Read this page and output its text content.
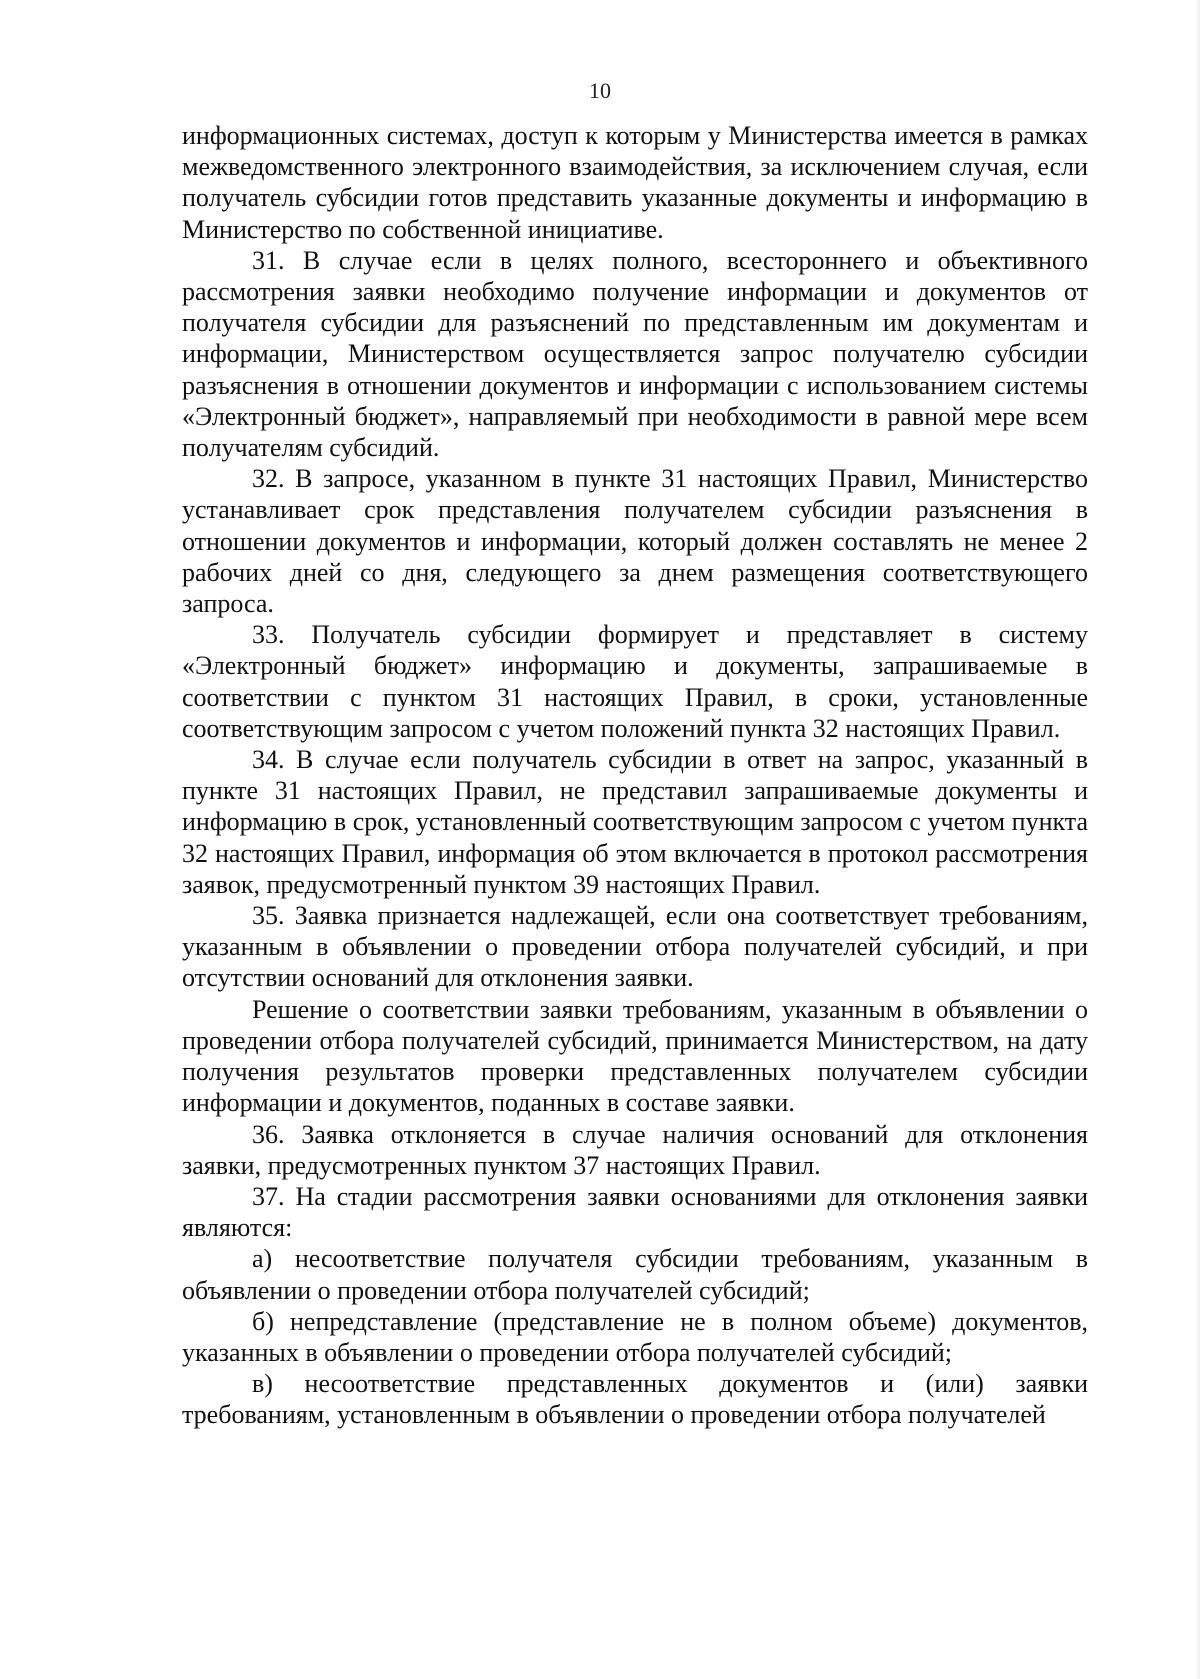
10

информационных системах, доступ к которым у Министерства имеется в рамках межведомственного электронного взаимодействия, за исключением случая, если получатель субсидии готов представить указанные документы и информацию в Министерство по собственной инициативе.

31. В случае если в целях полного, всестороннего и объективного рассмотрения заявки необходимо получение информации и документов от получателя субсидии для разъяснений по представленным им документам и информации, Министерством осуществляется запрос получателю субсидии разъяснения в отношении документов и информации с использованием системы «Электронный бюджет», направляемый при необходимости в равной мере всем получателям субсидий.

32. В запросе, указанном в пункте 31 настоящих Правил, Министерство устанавливает срок представления получателем субсидии разъяснения в отношении документов и информации, который должен составлять не менее 2 рабочих дней со дня, следующего за днем размещения соответствующего запроса.

33. Получатель субсидии формирует и представляет в систему «Электронный бюджет» информацию и документы, запрашиваемые в соответствии с пунктом 31 настоящих Правил, в сроки, установленные соответствующим запросом с учетом положений пункта 32 настоящих Правил.

34. В случае если получатель субсидии в ответ на запрос, указанный в пункте 31 настоящих Правил, не представил запрашиваемые документы и информацию в срок, установленный соответствующим запросом с учетом пункта 32 настоящих Правил, информация об этом включается в протокол рассмотрения заявок, предусмотренный пунктом 39 настоящих Правил.

35. Заявка признается надлежащей, если она соответствует требованиям, указанным в объявлении о проведении отбора получателей субсидий, и при отсутствии оснований для отклонения заявки.

Решение о соответствии заявки требованиям, указанным в объявлении о проведении отбора получателей субсидий, принимается Министерством, на дату получения результатов проверки представленных получателем субсидии информации и документов, поданных в составе заявки.

36. Заявка отклоняется в случае наличия оснований для отклонения заявки, предусмотренных пунктом 37 настоящих Правил.

37. На стадии рассмотрения заявки основаниями для отклонения заявки являются:

а) несоответствие получателя субсидии требованиям, указанным в объявлении о проведении отбора получателей субсидий;

б) непредставление (представление не в полном объеме) документов, указанных в объявлении о проведении отбора получателей субсидий;

в) несоответствие представленных документов и (или) заявки требованиям, установленным в объявлении о проведении отбора получателей
